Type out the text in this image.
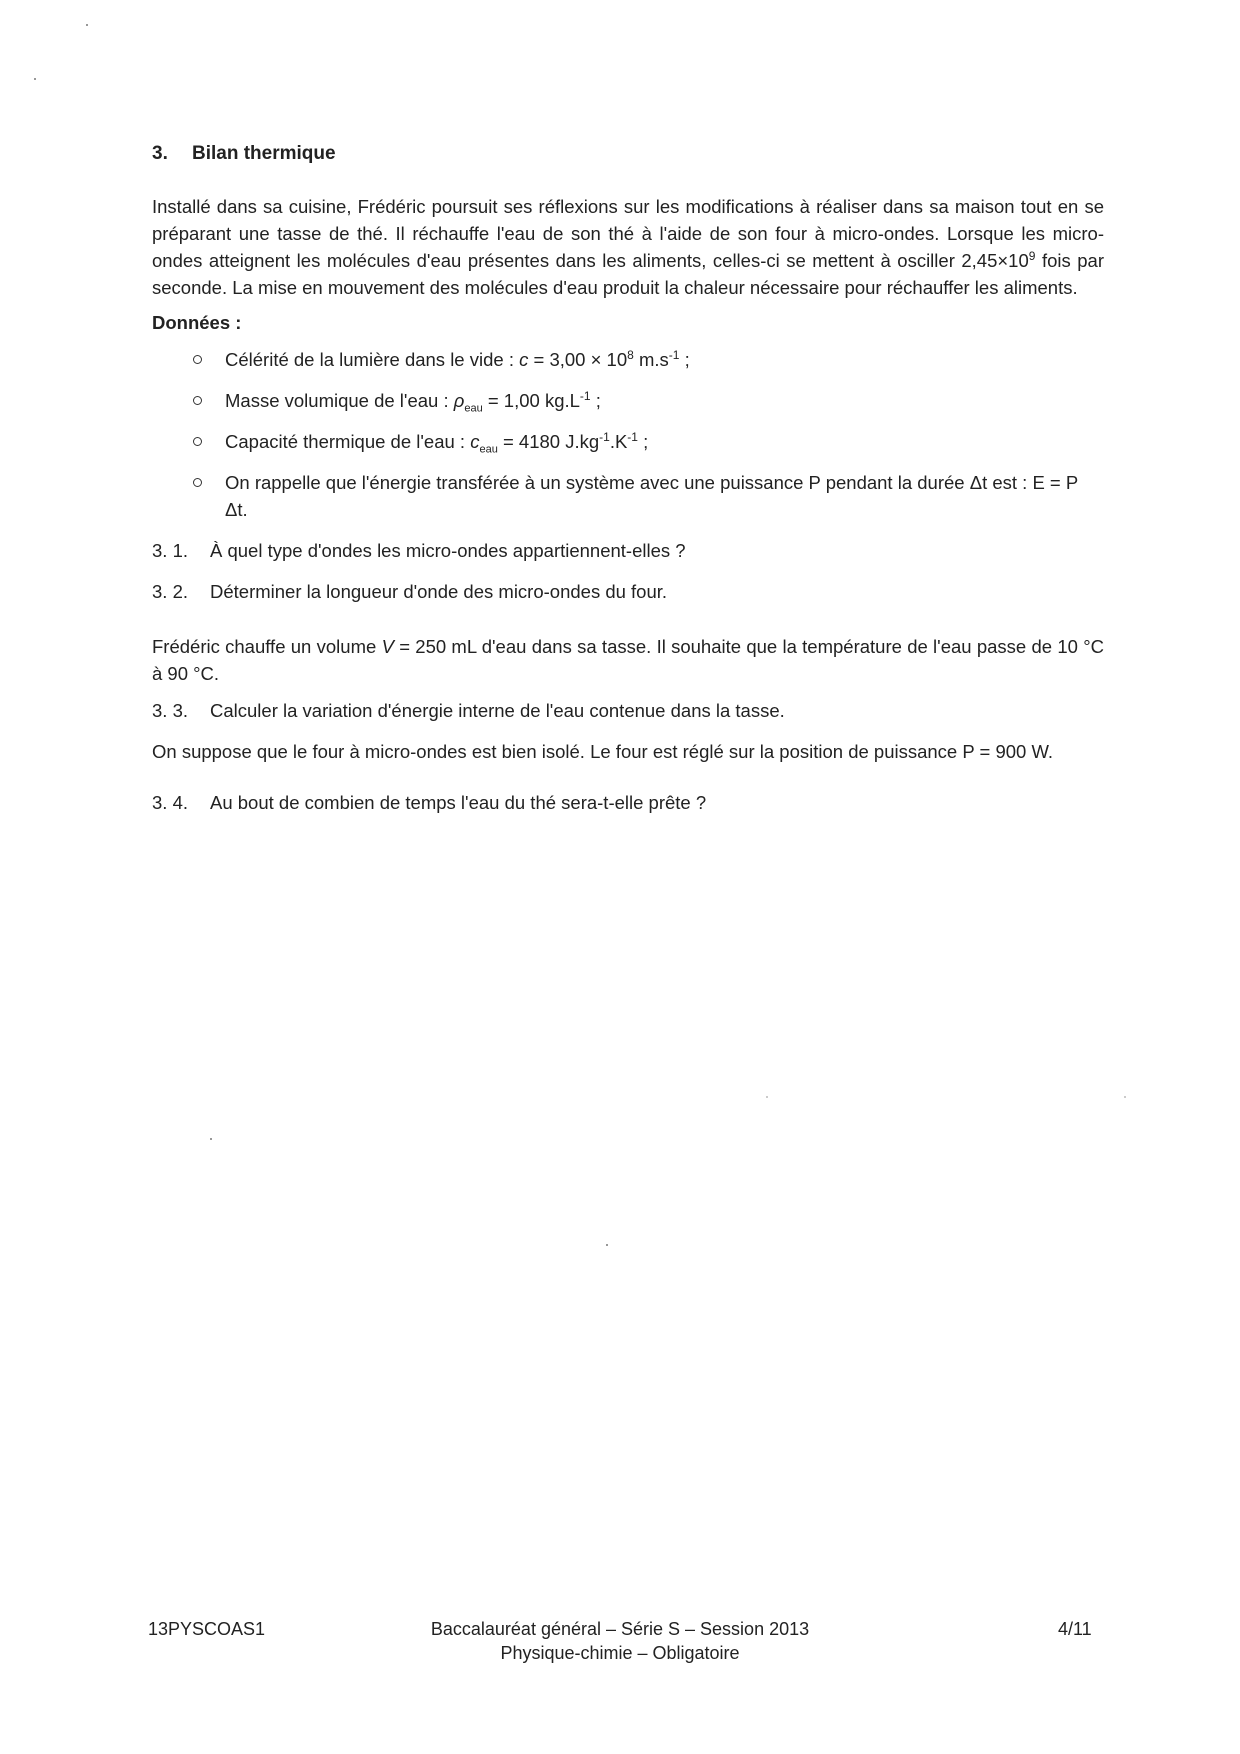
3.	Bilan thermique

Installé dans sa cuisine, Frédéric poursuit ses réflexions sur les modifications à réaliser dans sa maison tout en se préparant une tasse de thé. Il réchauffe l'eau de son thé à l'aide de son four à micro-ondes. Lorsque les micro-ondes atteignent les molécules d'eau présentes dans les aliments, celles-ci se mettent à osciller $2,45\times 10^9$ fois par seconde. La mise en mouvement des molécules d'eau produit la chaleur nécessaire pour réchauffer les aliments.

Données :

Célérité de la lumière dans le vide : $c = 3,00 \times 10^8$ $m.s^{-1}$ ;
Masse volumique de l'eau : $\rho_{eau} = 1,00$ $kg.L^{-1}$ ;
Capacité thermique de l'eau : $c_{eau} = 4180$ $J.kg^{-1}.K^{-1}$ ;
On rappelle que l'énergie transférée à un système avec une puissance P pendant la durée Δt est : E = P Δt.
3. 1.	À quel type d'ondes les micro-ondes appartiennent-elles ?
3. 2.	Déterminer la longueur d'onde des micro-ondes du four.

Frédéric chauffe un volume V = 250 mL d'eau dans sa tasse. Il souhaite que la température de l'eau passe de 10 °C à 90 °C.

3. 3.	Calculer la variation d'énergie interne de l'eau contenue dans la tasse.

On suppose que le four à micro-ondes est bien isolé. Le four est réglé sur la position de puissance P = 900 W.

3. 4.	Au bout de combien de temps l'eau du thé sera-t-elle prête ?
13PYSCOAS1	Baccalauréat général – Série S – Session 2013
Physique-chimie – Obligatoire
4/11
